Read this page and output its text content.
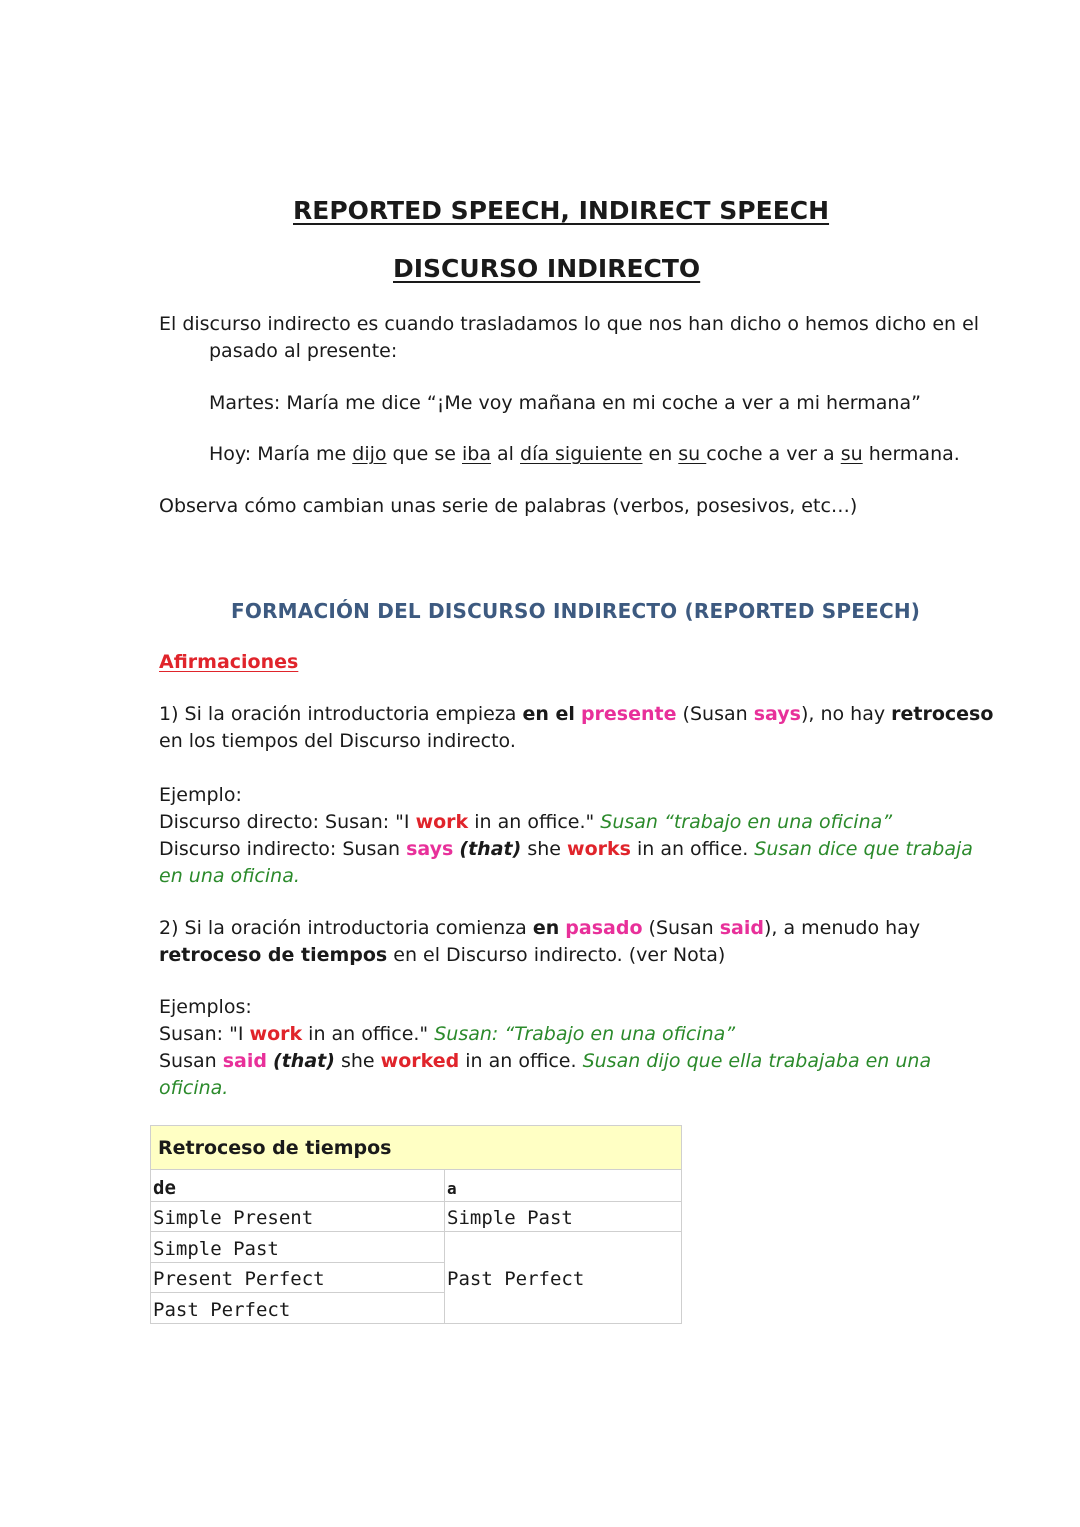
REPORTED SPEECH, INDIRECT SPEECH
DISCURSO INDIRECTO
El discurso indirecto es cuando trasladamos lo que nos han dicho o hemos dicho en el
pasado al presente:
Martes: María me dice “¡Me voy mañana en mi coche a ver a mi hermana”
Hoy: María me dijo que se iba al día siguiente en su coche a ver a su hermana.
Observa cómo cambian unas serie de palabras (verbos, posesivos, etc…)
FORMACIÓN DEL DISCURSO INDIRECTO (REPORTED SPEECH)
Afirmaciones
1) Si la oración introductoria empieza en el presente (Susan says), no hay retroceso
en los tiempos del Discurso indirecto.
Ejemplo:
Discurso directo: Susan: "I work in an office." Susan “trabajo en una oficina”
Discurso indirecto: Susan says (that) she works in an office. Susan dice que trabaja
en una oficina.
2) Si la oración introductoria comienza en pasado (Susan said), a menudo hay
retroceso de tiempos en el Discurso indirecto. (ver Nota)
Ejemplos:
Susan: "I work in an office." Susan: “Trabajo en una oficina”
Susan said (that) she worked in an office. Susan dijo que ella trabajaba en una
oficina.
Retroceso de tiempos
de	a
Simple Present
Simple Past
Present Perfect
Past Perfect
Simple Past
Past Perfect
